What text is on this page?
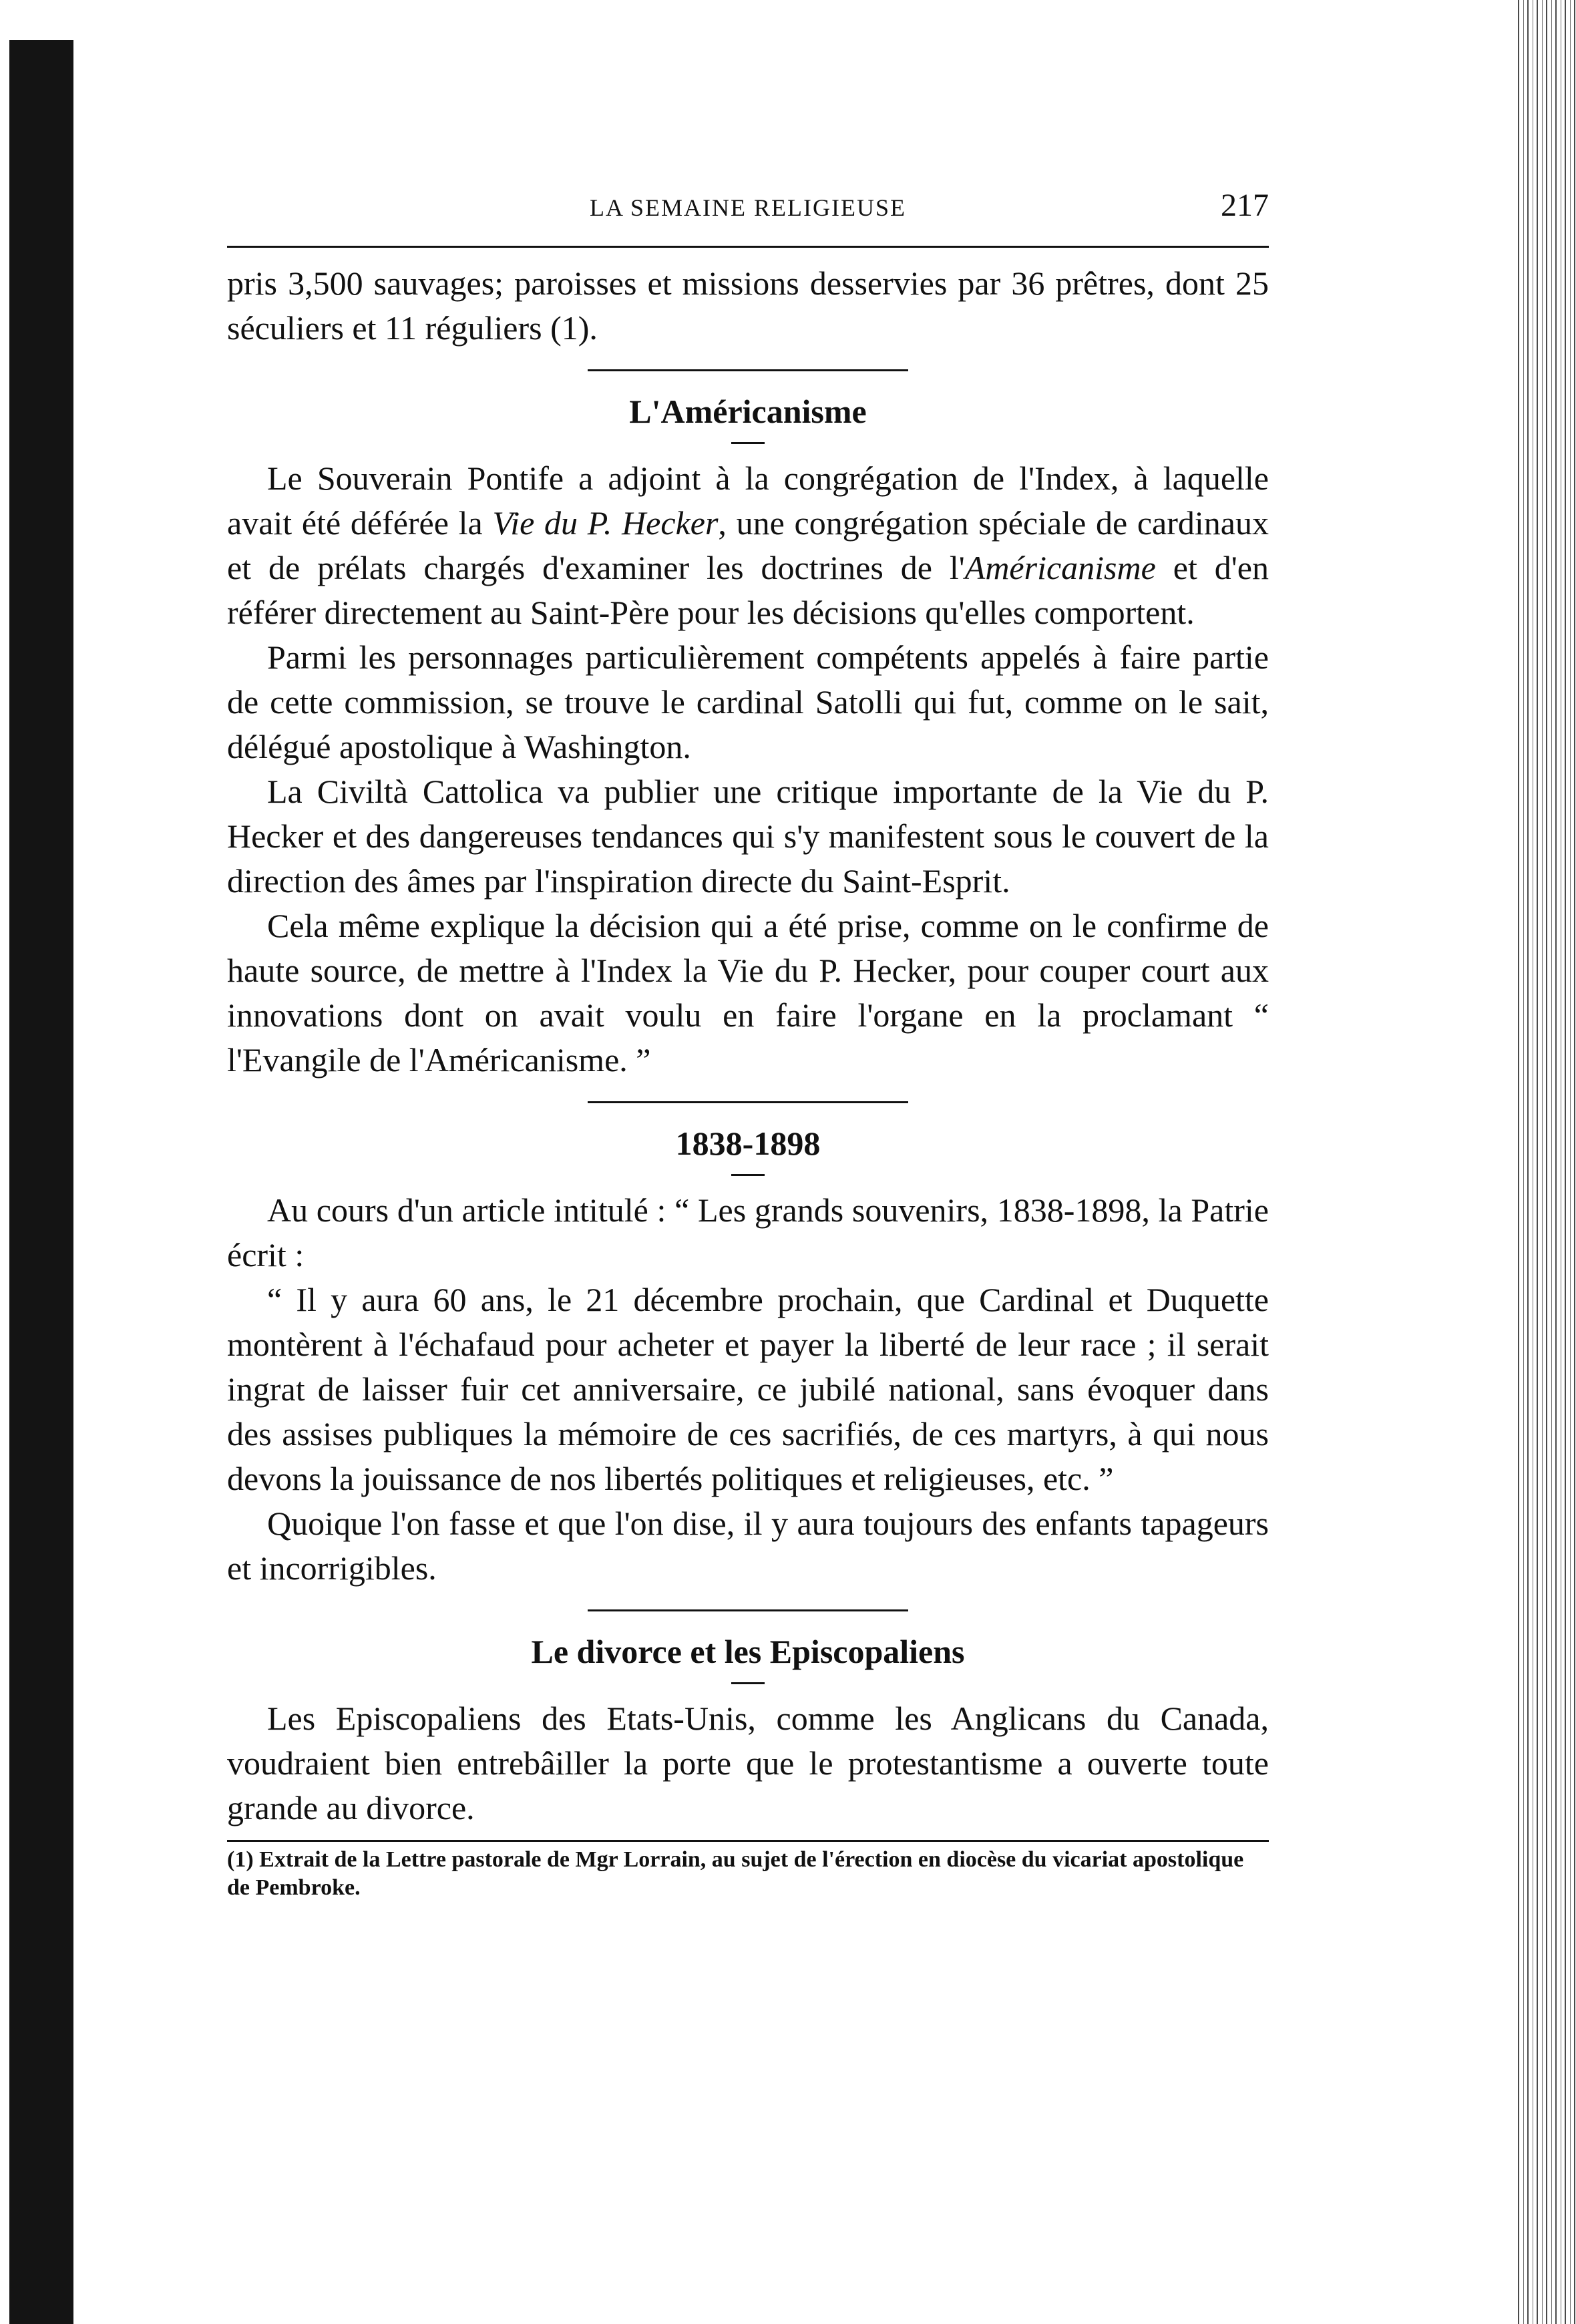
LA SEMAINE RELIGIEUSE	217

pris 3,500 sauvages; paroisses et missions desservies par 36 prêtres, dont 25 séculiers et 11 réguliers (1).

L'Américanisme

Le Souverain Pontife a adjoint à la congrégation de l'Index, à laquelle avait été déférée la Vie du P. Hecker, une congrégation spéciale de cardinaux et de prélats chargés d'examiner les doctrines de l'Américanisme et d'en référer directement au Saint-Père pour les décisions qu'elles comportent.

Parmi les personnages particulièrement compétents appelés à faire partie de cette commission, se trouve le cardinal Satolli qui fut, comme on le sait, délégué apostolique à Washington.

La Civiltà Cattolica va publier une critique importante de la Vie du P. Hecker et des dangereuses tendances qui s'y manifestent sous le couvert de la direction des âmes par l'inspiration directe du Saint-Esprit.

Cela même explique la décision qui a été prise, comme on le confirme de haute source, de mettre à l'Index la Vie du P. Hecker, pour couper court aux innovations dont on avait voulu en faire l'organe en la proclamant “ l'Evangile de l'Américanisme. ”

1838-1898

Au cours d'un article intitulé : “ Les grands souvenirs, 1838-1898, la Patrie écrit :

“ Il y aura 60 ans, le 21 décembre prochain, que Cardinal et Duquette montèrent à l'échafaud pour acheter et payer la liberté de leur race ; il serait ingrat de laisser fuir cet anniversaire, ce jubilé national, sans évoquer dans des assises publiques la mémoire de ces sacrifiés, de ces martyrs, à qui nous devons la jouissance de nos libertés politiques et religieuses, etc. ”

Quoique l'on fasse et que l'on dise, il y aura toujours des enfants tapageurs et incorrigibles.

Le divorce et les Episcopaliens

Les Episcopaliens des Etats-Unis, comme les Anglicans du Canada, voudraient bien entrebâiller la porte que le protestantisme a ouverte toute grande au divorce.

(1) Extrait de la Lettre pastorale de Mgr Lorrain, au sujet de l'érection en diocèse du vicariat apostolique de Pembroke.
